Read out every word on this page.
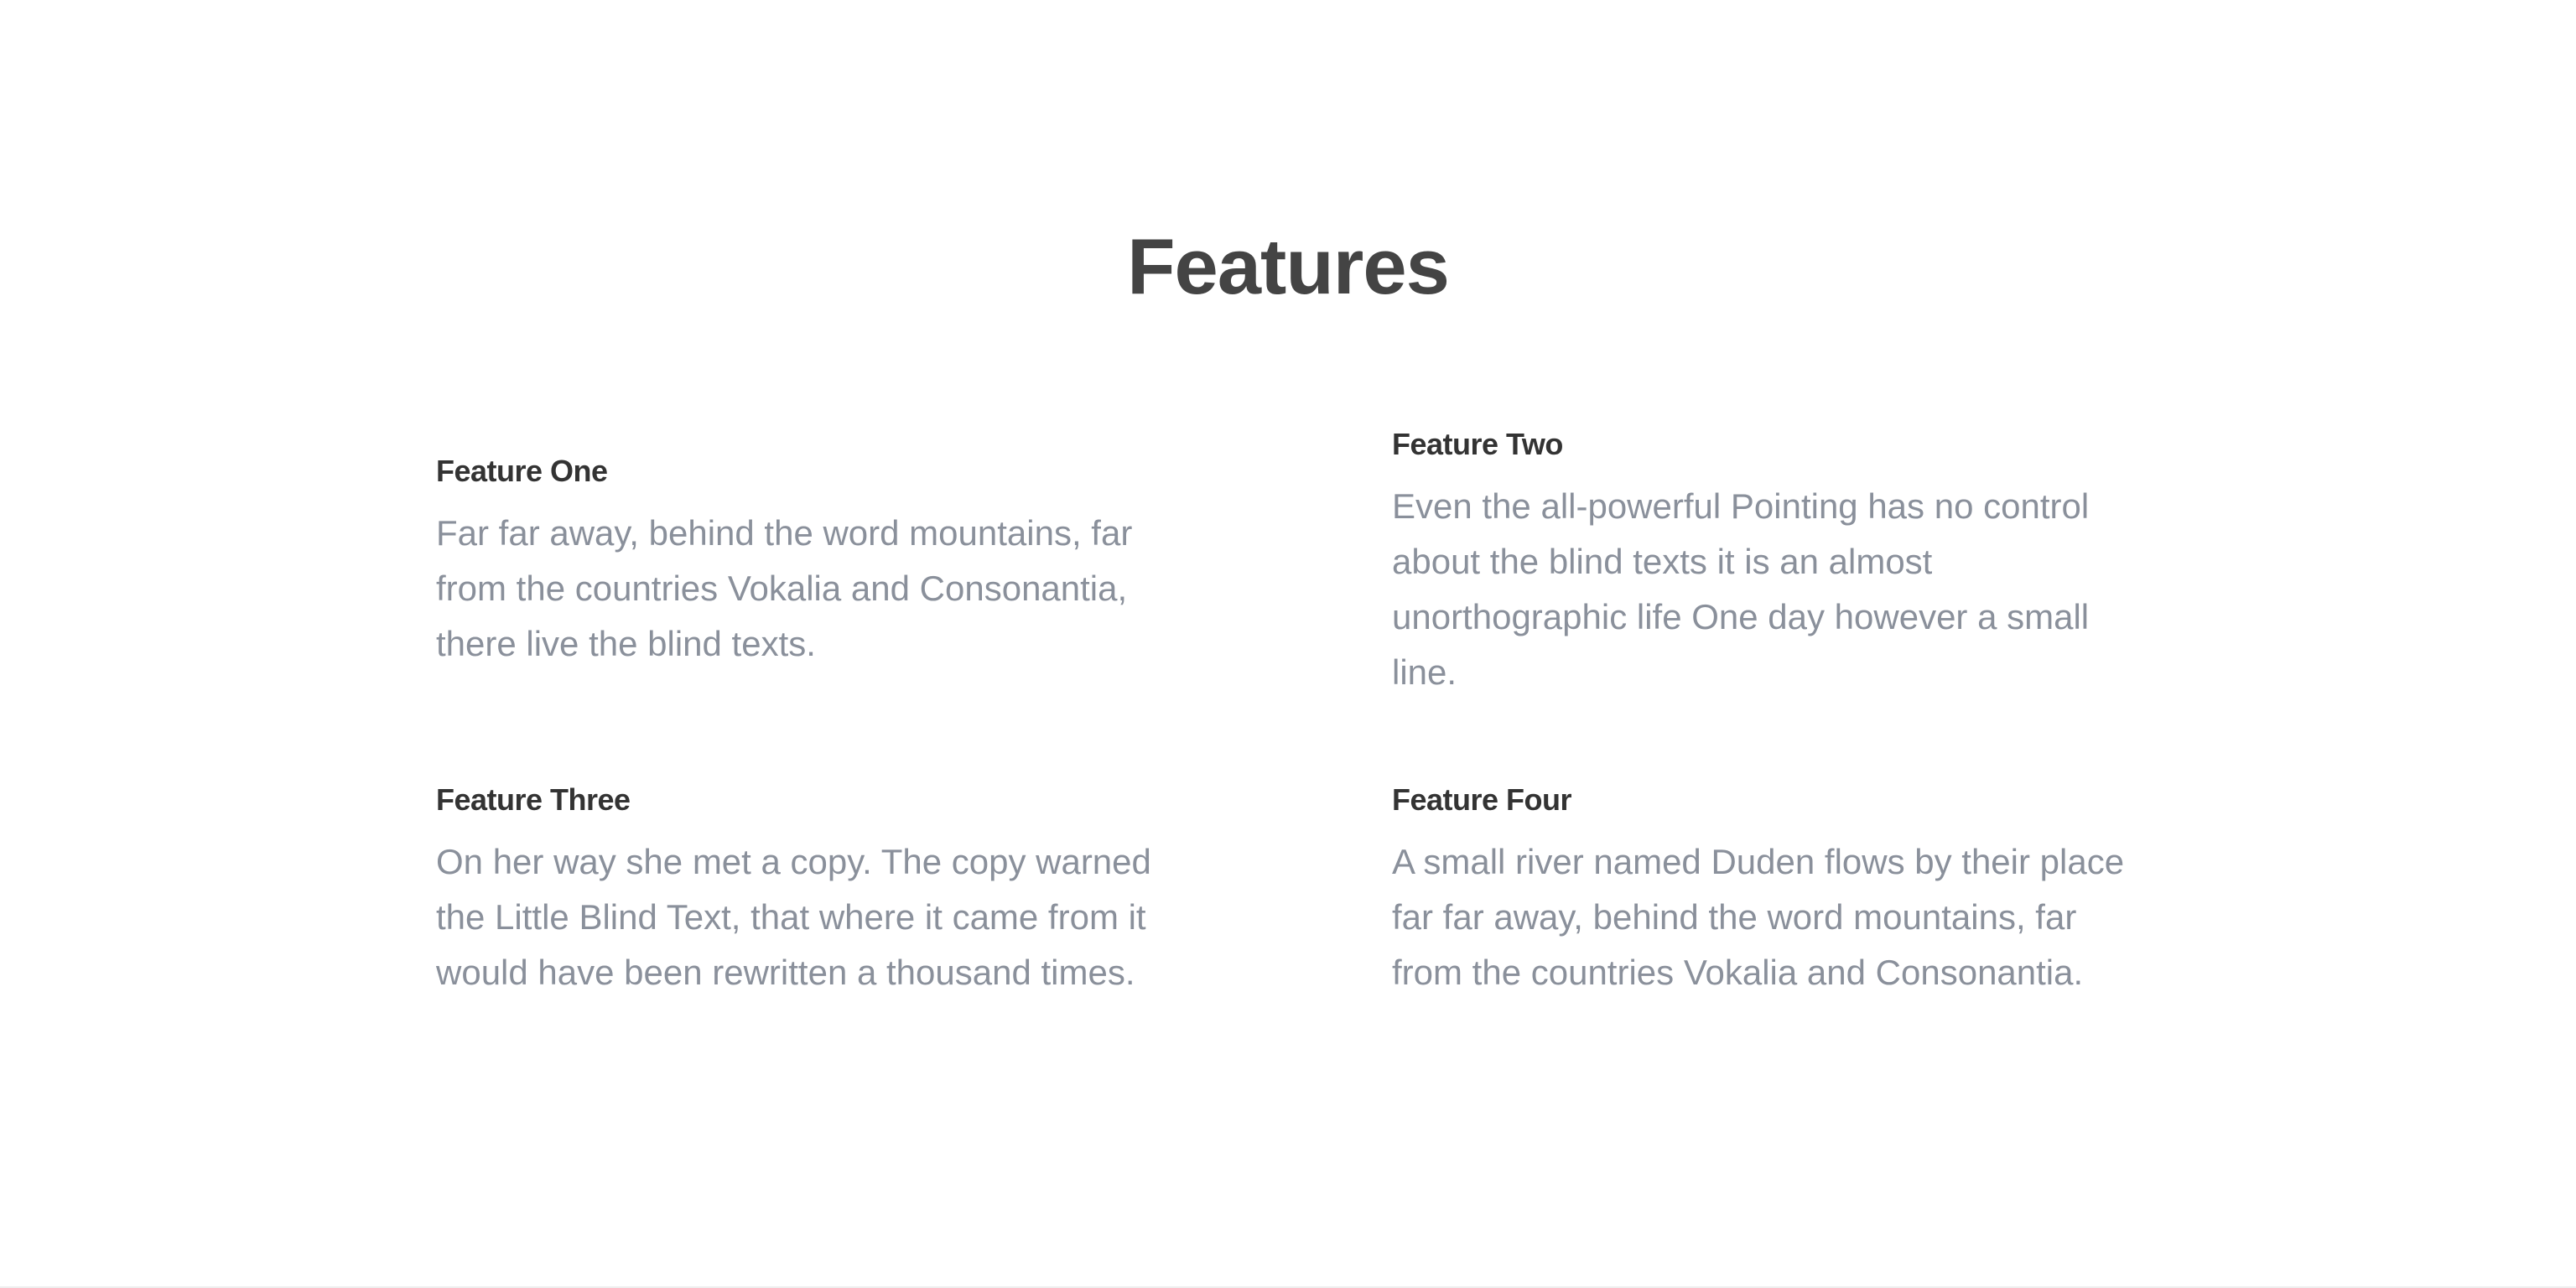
Features
Feature One

Far far away, behind the word mountains, far from the countries Vokalia and Consonantia, there live the blind texts.

Feature Two

Even the all-powerful Pointing has no control about the blind texts it is an almost unorthographic life One day however a small line.

Feature Three

On her way she met a copy. The copy warned the Little Blind Text, that where it came from it would have been rewritten a thousand times.

Feature Four

A small river named Duden flows by their place far far away, behind the word mountains, far from the countries Vokalia and Consonantia.
